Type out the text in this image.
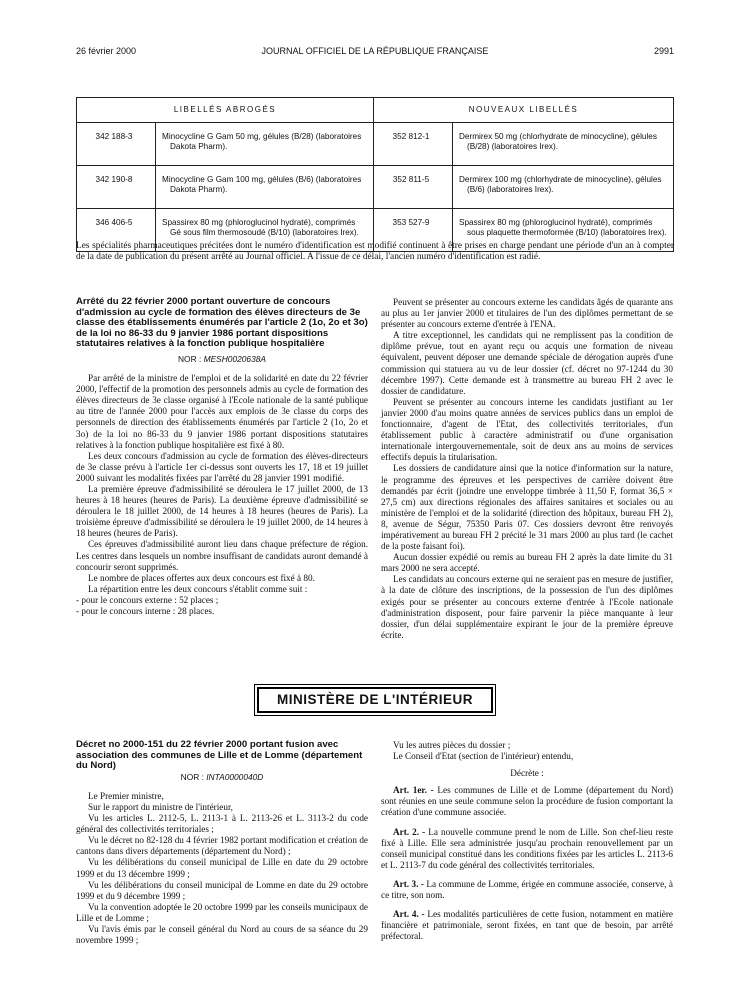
26 février 2000	JOURNAL OFFICIEL DE LA RÉPUBLIQUE FRANÇAISE	2991
LIBELLÉS ABROGÉS		NOUVEAUX LIBELLÉS	
342 188-3	Minocycline G Gam 50 mg, gélules (B/28) (laboratoires Dakota Pharm).	352 812-1	Dermirex 50 mg (chlorhydrate de minocycline), gélules (B/28) (laboratoires Irex).

342 190-8	Minocycline G Gam 100 mg, gélules (B/6) (laboratoires Dakota Pharm).	352 811-5	Dermirex 100 mg (chlorhydrate de minocycline), gélules (B/6) (laboratoires Irex).

346 406-5	Spassirex 80 mg (phloroglucinol hydraté), comprimés Gé sous film thermosoudé (B/10) (laboratoires Irex).	353 527-9	Spassirex 80 mg (phloroglucinol hydraté), comprimés sous plaquette thermoformée (B/10) (laboratoires Irex).
Les spécialités pharmaceutiques précitées dont le numéro d'identification est modifié continuent à être prises en charge pendant une période d'un an à compter de la date de publication du présent arrêté au Journal officiel. A l'issue de ce délai, l'ancien numéro d'identification est radié.

Arrêté du 22 février 2000 portant ouverture de concours d'admission au cycle de formation des élèves directeurs de 3e classe des établissements énumérés par l'article 2 (1o, 2o et 3o) de la loi no 86-33 du 9 janvier 1986 portant dispositions statutaires relatives à la fonction publique hospitalière

NOR : MESH0020638A

Par arrêté de la ministre de l'emploi et de la solidarité en date du 22 février 2000, l'effectif de la promotion des personnels admis au cycle de formation des élèves directeurs de 3e classe organisé à l'Ecole nationale de la santé publique au titre de l'année 2000 pour l'accès aux emplois de 3e classe du corps des personnels de direction des établissements énumérés par l'article 2 (1o, 2o et 3o) de la loi no 86-33 du 9 janvier 1986 portant dispositions statutaires relatives à la fonction publique hospitalière est fixé à 80.

Les deux concours d'admission au cycle de formation des élèves-directeurs de 3e classe prévu à l'article 1er ci-dessus sont ouverts les 17, 18 et 19 juillet 2000 suivant les modalités fixées par l'arrêté du 28 janvier 1991 modifié.

La première épreuve d'admissibilité se déroulera le 17 juillet 2000, de 13 heures à 18 heures (heures de Paris). La deuxième épreuve d'admissibilité se déroulera le 18 juillet 2000, de 14 heures à 18 heures (heures de Paris). La troisième épreuve d'admissibilité se déroulera le 19 juillet 2000, de 14 heures à 18 heures (heures de Paris).

Ces épreuves d'admissibilité auront lieu dans chaque préfecture de région. Les centres dans lesquels un nombre insuffisant de candidats auront demandé à concourir seront supprimés.

Le nombre de places offertes aux deux concours est fixé à 80.

La répartition entre les deux concours s'établit comme suit :

- pour le concours externe : 52 places ;

- pour le concours interne : 28 places.

Peuvent se présenter au concours externe les candidats âgés de quarante ans au plus au 1er janvier 2000 et titulaires de l'un des diplômes permettant de se présenter au concours externe d'entrée à l'ENA.

A titre exceptionnel, les candidats qui ne remplissent pas la condition de diplôme prévue, tout en ayant reçu ou acquis une formation de niveau équivalent, peuvent déposer une demande spéciale de dérogation auprès d'une commission qui statuera au vu de leur dossier (cf. décret no 97-1244 du 30 décembre 1997). Cette demande est à transmettre au bureau FH 2 avec le dossier de candidature.

Peuvent se présenter au concours interne les candidats justifiant au 1er janvier 2000 d'au moins quatre années de services publics dans un emploi de fonctionnaire, d'agent de l'Etat, des collectivités territoriales, d'un établissement public à caractère administratif ou d'une organisation internationale intergouvernementale, soit de deux ans au moins de services effectifs depuis la titularisation.

Les dossiers de candidature ainsi que la notice d'information sur la nature, le programme des épreuves et les perspectives de carrière doivent être demandés par écrit (joindre une enveloppe timbrée à 11,50 F, format 36,5 × 27,5 cm) aux directions régionales des affaires sanitaires et sociales ou au ministère de l'emploi et de la solidarité (direction des hôpitaux, bureau FH 2), 8, avenue de Ségur, 75350 Paris 07. Ces dossiers devront être renvoyés impérativement au bureau FH 2 précité le 31 mars 2000 au plus tard (le cachet de la poste faisant foi).

Aucun dossier expédié ou remis au bureau FH 2 après la date limite du 31 mars 2000 ne sera accepté.

Les candidats au concours externe qui ne seraient pas en mesure de justifier, à la date de clôture des inscriptions, de la possession de l'un des diplômes exigés pour se présenter au concours externe d'entrée à l'Ecole nationale d'administration disposent, pour faire parvenir la pièce manquante à leur dossier, d'un délai supplémentaire expirant le jour de la première épreuve écrite.

MINISTÈRE DE L'INTÉRIEUR

Décret no 2000-151 du 22 février 2000 portant fusion avec association des communes de Lille et de Lomme (département du Nord)

NOR : INTA0000040D

Le Premier ministre,

Sur le rapport du ministre de l'intérieur,

Vu les articles L. 2112-5, L. 2113-1 à L. 2113-26 et L. 3113-2 du code général des collectivités territoriales ;

Vu le décret no 82-128 du 4 février 1982 portant modification et création de cantons dans divers départements (département du Nord) ;

Vu les délibérations du conseil municipal de Lille en date du 29 octobre 1999 et du 13 décembre 1999 ;

Vu les délibérations du conseil municipal de Lomme en date du 29 octobre 1999 et du 9 décembre 1999 ;

Vu la convention adoptée le 20 octobre 1999 par les conseils municipaux de Lille et de Lomme ;

Vu l'avis émis par le conseil général du Nord au cours de sa séance du 29 novembre 1999 ;

Vu les autres pièces du dossier ;

Le Conseil d'Etat (section de l'intérieur) entendu,

Décrète :

Art. 1er. - Les communes de Lille et de Lomme (département du Nord) sont réunies en une seule commune selon la procédure de fusion comportant la création d'une commune associée.

Art. 2. - La nouvelle commune prend le nom de Lille. Son chef-lieu reste fixé à Lille. Elle sera administrée jusqu'au prochain renouvellement par un conseil municipal constitué dans les conditions fixées par les articles L. 2113-6 et L. 2113-7 du code général des collectivités territoriales.

Art. 3. - La commune de Lomme, érigée en commune associée, conserve, à ce titre, son nom.

Art. 4. - Les modalités particulières de cette fusion, notamment en matière financière et patrimoniale, seront fixées, en tant que de besoin, par arrêté préfectoral.
